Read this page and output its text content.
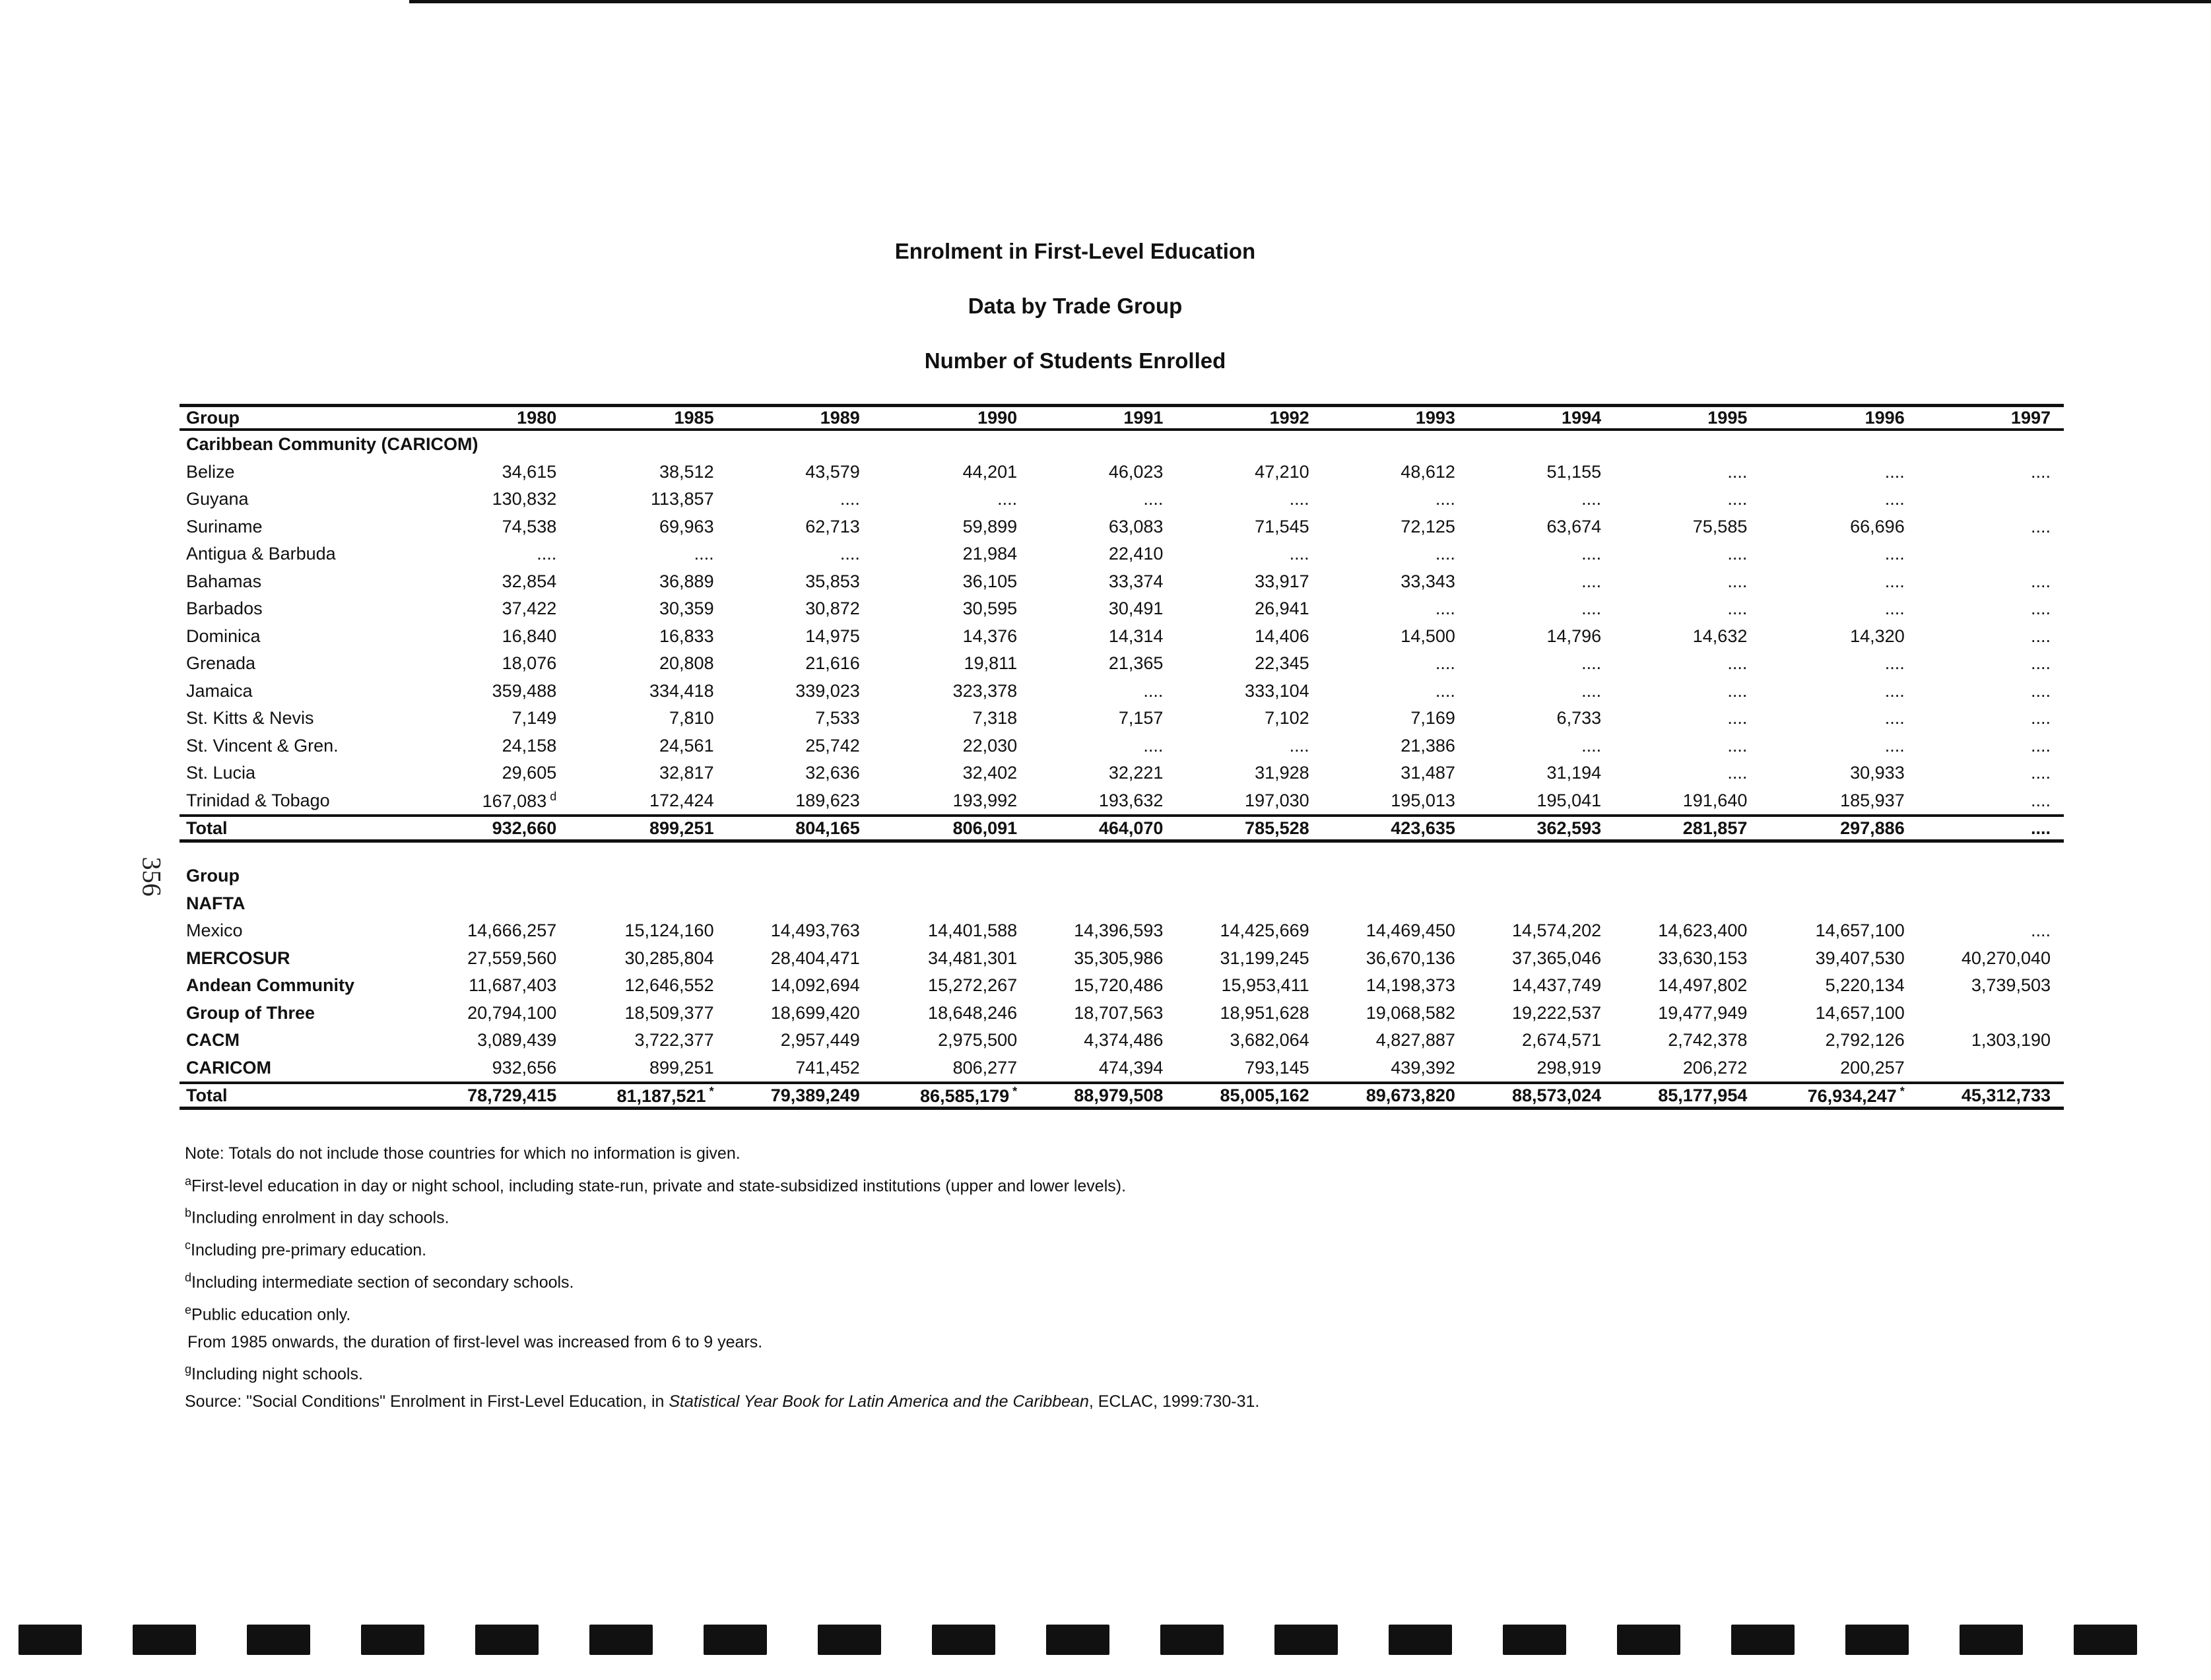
356
Enrolment in First-Level Education
Data by Trade Group
Number of Students Enrolled
Group	1980	1985	1989	1990	1991	1992	1993	1994	1995	1996	1997
Caribbean Community (CARICOM)											
Belize	34,615	38,512	43,579	44,201	46,023	47,210	48,612	51,155	....	....	....
Guyana	130,832	113,857	....	....	....	....	....	....	....	....	
Suriname	74,538	69,963	62,713	59,899	63,083	71,545	72,125	63,674	75,585	66,696	....
Antigua & Barbuda	....	....	....	21,984	22,410	....	....	....	....	....	
Bahamas	32,854	36,889	35,853	36,105	33,374	33,917	33,343	....	....	....	....
Barbados	37,422	30,359	30,872	30,595	30,491	26,941	....	....	....	....	....
Dominica	16,840	16,833	14,975	14,376	14,314	14,406	14,500	14,796	14,632	14,320	....
Grenada	18,076	20,808	21,616	19,811	21,365	22,345	....	....	....	....	....
Jamaica	359,488	334,418	339,023	323,378	....	333,104	....	....	....	....	....
St. Kitts & Nevis	7,149	7,810	7,533	7,318	7,157	7,102	7,169	6,733	....	....	....
St. Vincent & Gren.	24,158	24,561	25,742	22,030	....	....	21,386	....	....	....	....
St. Lucia	29,605	32,817	32,636	32,402	32,221	31,928	31,487	31,194	....	30,933	....
Trinidad & Tobago	167,083 $^d$	172,424	189,623	193,992	193,632	197,030	195,013	195,041	191,640	185,937	....
Total	932,660	899,251	804,165	806,091	464,070	785,528	423,635	362,593	281,857	297,886	....

Group											
NAFTA											
Mexico	14,666,257	15,124,160	14,493,763	14,401,588	14,396,593	14,425,669	14,469,450	14,574,202	14,623,400	14,657,100	....
MERCOSUR	27,559,560	30,285,804	28,404,471	34,481,301	35,305,986	31,199,245	36,670,136	37,365,046	33,630,153	39,407,530	40,270,040
Andean Community	11,687,403	12,646,552	14,092,694	15,272,267	15,720,486	15,953,411	14,198,373	14,437,749	14,497,802	5,220,134	3,739,503
Group of Three	20,794,100	18,509,377	18,699,420	18,648,246	18,707,563	18,951,628	19,068,582	19,222,537	19,477,949	14,657,100	
CACM	3,089,439	3,722,377	2,957,449	2,975,500	4,374,486	3,682,064	4,827,887	2,674,571	2,742,378	2,792,126	1,303,190
CARICOM	932,656	899,251	741,452	806,277	474,394	793,145	439,392	298,919	206,272	200,257	
Total	78,729,415	81,187,521 *	79,389,249	86,585,179 *	88,979,508	85,005,162	89,673,820	88,573,024	85,177,954	76,934,247 *	45,312,733
Note: Totals do not include those countries for which no information is given.
$^a$First-level education in day or night school, including state-run, private and state-subsidized institutions (upper and lower levels).
$^b$Including enrolment in day schools.
$^c$Including pre-primary education.
$^d$Including intermediate section of secondary schools.
$^e$Public education only.
From 1985 onwards, the duration of first-level was increased from 6 to 9 years.
$^g$Including night schools.
Source: "Social Conditions" Enrolment in First-Level Education, in Statistical Year Book for Latin America and the Caribbean, ECLAC, 1999:730-31.
